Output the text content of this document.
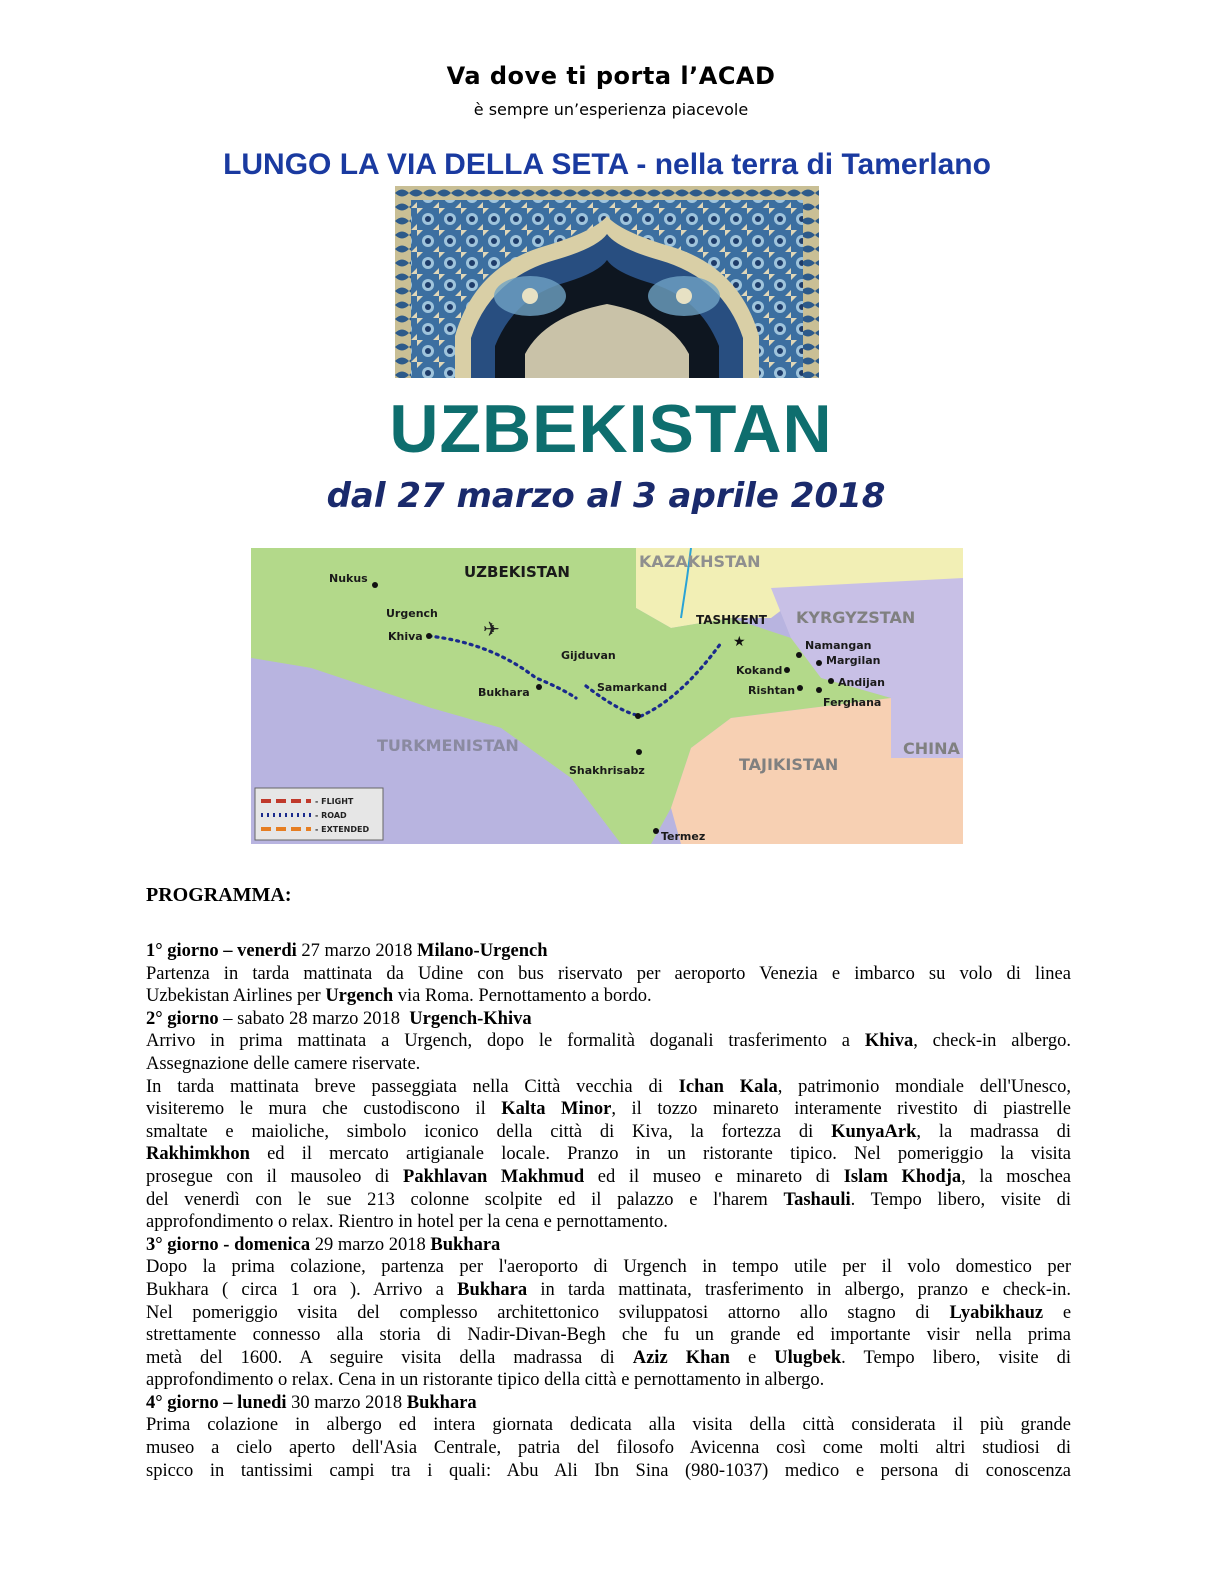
Va dove ti porta l’ACAD
è sempre un’esperienza piacevole
LUNGO LA VIA DELLA SETA - nella terra di Tamerlano
UZBEKISTAN
dal 27 marzo al 3 aprile 2018
UZBEKISTAN
KAZAKHSTAN
KYRGYZSTAN
TURKMENISTAN
TAJIKISTAN
CHINA
Nukus
Urgench
Khiva
Gijduvan
Bukhara	Samarkand
TASHKENT
★
Kokand
Rishtan
Namangan
Margilan
Andijan
Ferghana
Shakhrisabz
Termez
✈
- FLIGHT
- ROAD
- EXTENDED
PROGRAMMA:
1° giorno – venerdi 27 marzo 2018 Milano-Urgench
Partenza in tarda mattinata da Udine con bus riservato per aeroporto Venezia e imbarco su volo di linea
Uzbekistan Airlines per Urgench via Roma. Pernottamento a bordo.
2° giorno – sabato 28 marzo 2018 Urgench-Khiva
Arrivo in prima mattinata a Urgench, dopo le formalità doganali trasferimento a Khiva, check-in albergo.
Assegnazione delle camere riservate.
In tarda mattinata breve passeggiata nella Città vecchia di Ichan Kala, patrimonio mondiale dell'Unesco,
visiteremo le mura che custodiscono il Kalta Minor, il tozzo minareto interamente rivestito di piastrelle
smaltate e maioliche, simbolo iconico della città di Kiva, la fortezza di KunyaArk, la madrassa di
Rakhimkhon ed il mercato artigianale locale. Pranzo in un ristorante tipico. Nel pomeriggio la visita
prosegue con il mausoleo di Pakhlavan Makhmud ed il museo e minareto di Islam Khodja, la moschea
del venerdì con le sue 213 colonne scolpite ed il palazzo e l'harem Tashauli. Tempo libero, visite di
approfondimento o relax. Rientro in hotel per la cena e pernottamento.
3° giorno - domenica 29 marzo 2018 Bukhara
Dopo la prima colazione, partenza per l'aeroporto di Urgench in tempo utile per il volo domestico per
Bukhara ( circa 1 ora ). Arrivo a Bukhara in tarda mattinata, trasferimento in albergo, pranzo e check-in.
Nel pomeriggio visita del complesso architettonico sviluppatosi attorno allo stagno di Lyabikhauz e
strettamente connesso alla storia di Nadir-Divan-Begh che fu un grande ed importante visir nella prima
metà del 1600. A seguire visita della madrassa di Aziz Khan e Ulugbek. Tempo libero, visite di
approfondimento o relax. Cena in un ristorante tipico della città e pernottamento in albergo.
4° giorno – lunedi 30 marzo 2018 Bukhara
Prima colazione in albergo ed intera giornata dedicata alla visita della città considerata il più grande
museo a cielo aperto dell'Asia Centrale, patria del filosofo Avicenna così come molti altri studiosi di
spicco in tantissimi campi tra i quali: Abu Ali Ibn Sina (980-1037) medico e persona di conoscenza
